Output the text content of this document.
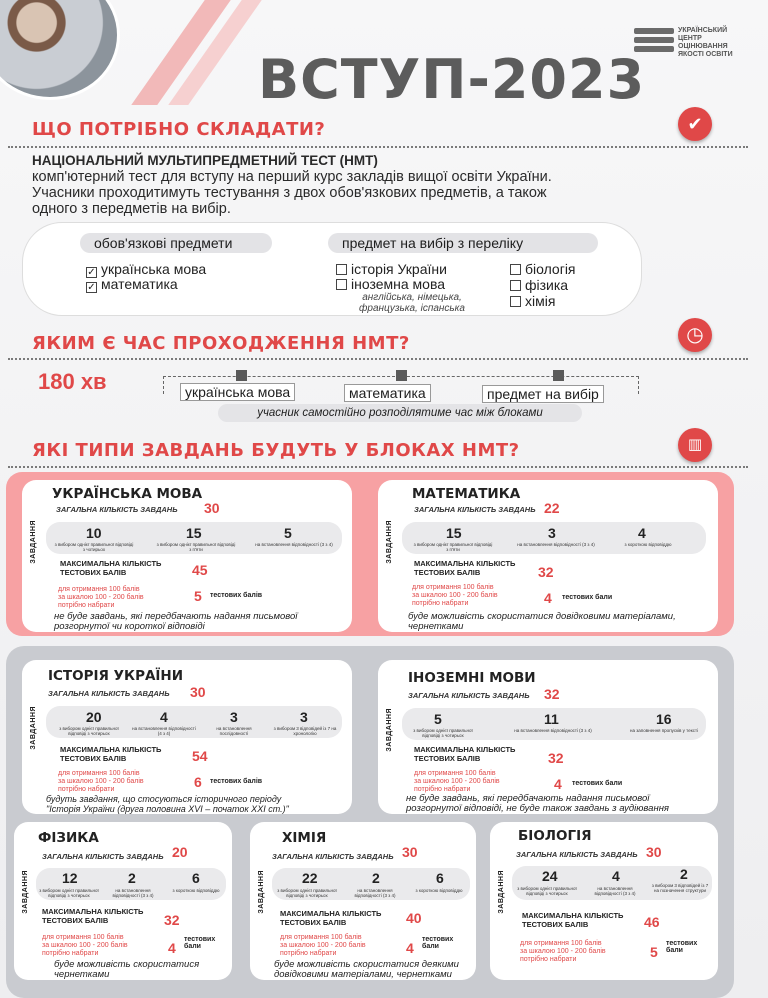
УКРАЇНСЬКИЙ
ЦЕНТР
ОЦІНЮВАННЯ
ЯКОСТІ ОСВІТИ
ВСТУП-2023
ЩО ПОТРІБНО СКЛАДАТИ?	✔
НАЦІОНАЛЬНИЙ МУЛЬТИПРЕДМЕТНИЙ ТЕСТ (НМТ)
комп'ютерний тест для вступу на перший курс закладів вищої освіти України.
Учасники проходитимуть тестування з двох обов'язкових предметів, а також
одного з передметів на вибір.
обов'язкові предмети	предмет на вибір з переліку
✓ українська мова
✓ математика
історія України
іноземна мова
англійська, німецька,
французька, іспанська
біологія
фізика
хімія
ЯКИМ Є ЧАС ПРОХОДЖЕННЯ НМТ?	◷
180 хв	українська мова	математика	предмет на вибір
учасник самостійно розподілятиме час між блоками
ЯКІ ТИПИ ЗАВДАНЬ БУДУТЬ У БЛОКАХ НМТ?	▥
УКРАЇНСЬКА МОВА
ЗАГАЛЬНА КІЛЬКІСТЬ ЗАВДАНЬ 30
ЗАВДАННЯ	10
з вибором однієї правильної відповіді з чотирьох
15
з вибором однієї правильної відповіді з п'яти
5
на встановлення відповідності (3 з 4)
МАКСИМАЛЬНА КІЛЬКІСТЬ
ТЕСТОВИХ БАЛІВ	45
для отримання 100 балів
за шкалою 100 - 200 балів
потрібно набрати
5 тестових балів
не буде завдань, які передбачають надання письмової
розгорнутої чи короткої відповіді
МАТЕМАТИКА
ЗАГАЛЬНА КІЛЬКІСТЬ ЗАВДАНЬ 22
ЗАВДАННЯ	15
з вибором однієї правильної відповіді з п'яти
3
на встановлення відповідності (3 з 4)
4
з короткою відповіддю
МАКСИМАЛЬНА КІЛЬКІСТЬ
ТЕСТОВИХ БАЛІВ	32
для отримання 100 балів
за шкалою 100 - 200 балів
потрібно набрати	4 тестових бали
буде можливість скористатися довідковими матеріалами,
чернетками
ІСТОРІЯ УКРАЇНИ
ЗАГАЛЬНА КІЛЬКІСТЬ ЗАВДАНЬ 30
ЗАВДАННЯ	20
з вибором однієї правильної відповіді з чотирьох
4
на встановлення відповідності (4 з 4)
3
на встановлення послідовності
3
з вибором 3 відповідей із 7 на хронологію
МАКСИМАЛЬНА КІЛЬКІСТЬ
ТЕСТОВИХ БАЛІВ	54
для отримання 100 балів
за шкалою 100 - 200 балів
потрібно набрати	6 тестових балів
будуть завдання, що стосуються історичного періоду
"Історія України (друга половина XVI – початок XXI ст.)"
ІНОЗЕМНІ МОВИ
ЗАГАЛЬНА КІЛЬКІСТЬ ЗАВДАНЬ 32
ЗАВДАННЯ	5
з вибором однієї правильної відповіді з чотирьох
11
на встановлення відповідності (3 з 4)
16
на заповнення пропусків у тексті
МАКСИМАЛЬНА КІЛЬКІСТЬ
ТЕСТОВИХ БАЛІВ	32
для отримання 100 балів
за шкалою 100 - 200 балів
потрібно набрати	4 тестових бали
не буде завдань, які передбачають надання письмової
розгорнутої відповіді, не буде також завдань з аудіювання
ФІЗИКА
ЗАГАЛЬНА КІЛЬКІСТЬ ЗАВДАНЬ 20
ЗАВДАННЯ 12
з вибором однієї правильної відповіді з чотирьох
2
на встановлення відповідності (3 з 4)
6
з короткою відповіддю
МАКСИМАЛЬНА КІЛЬКІСТЬ
ТЕСТОВИХ БАЛІВ	32
для отримання 100 балів
за шкалою 100 - 200 балів
потрібно набрати	4
тестових бали
буде можливість скористатися
чернетками
ХІМІЯ
ЗАГАЛЬНА КІЛЬКІСТЬ ЗАВДАНЬ 30
ЗАВДАННЯ	22
з вибором однієї правильної відповіді з чотирьох
2
на встановлення відповідності (3 з 4)
6
з короткою відповіддю
МАКСИМАЛЬНА КІЛЬКІСТЬ
ТЕСТОВИХ БАЛІВ	40
для отримання 100 балів
за шкалою 100 - 200 балів
потрібно набрати	4
тестових бали
буде можливість скористатися деякими
довідковими матеріалами, чернетками
БІОЛОГІЯ
ЗАГАЛЬНА КІЛЬКІСТЬ ЗАВДАНЬ 30
ЗАВДАННЯ	24
з вибором однієї правильної відповіді з чотирьох
4
на встановлення відповідності (3 з 4)
2
з вибором 3 відповідей із 7 на позначення структури
МАКСИМАЛЬНА КІЛЬКІСТЬ
ТЕСТОВИХ БАЛІВ	46
для отримання 100 балів
за шкалою 100 - 200 балів
потрібно набрати	5
тестових бали
